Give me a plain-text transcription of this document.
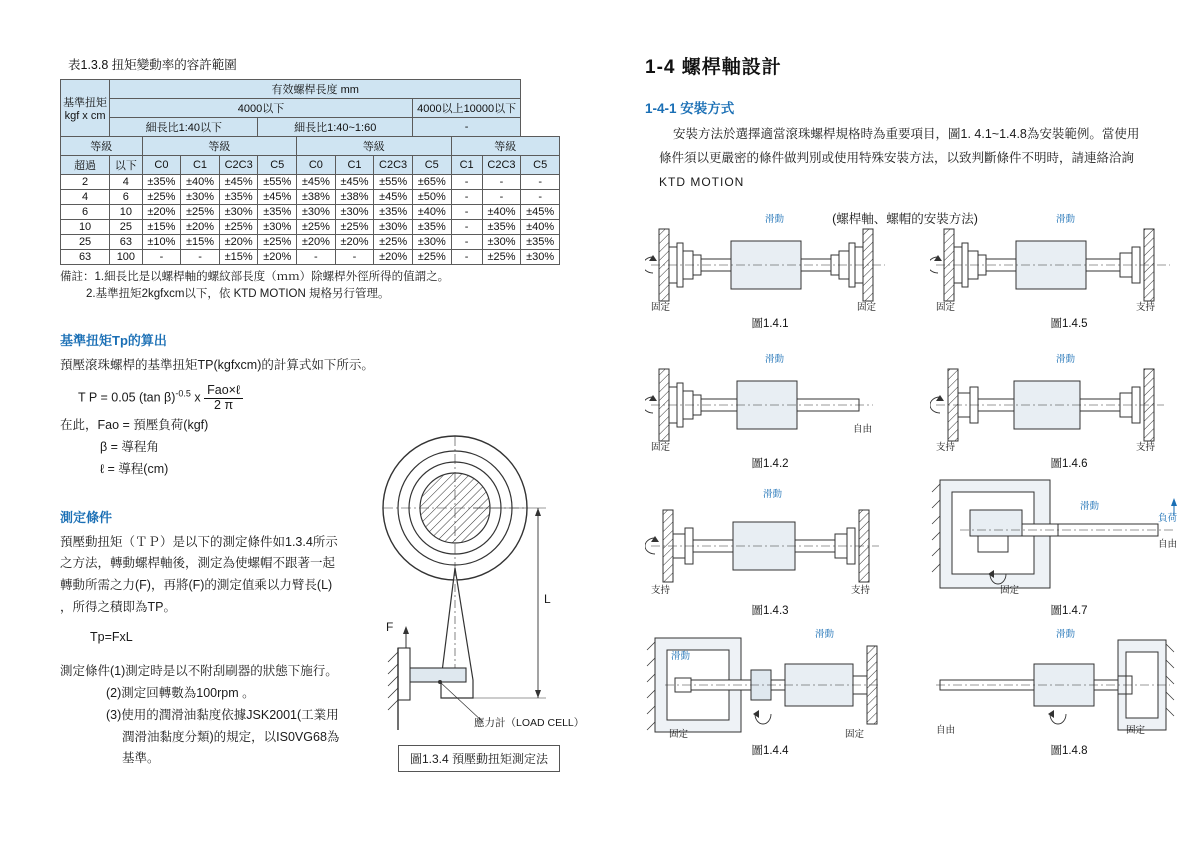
表1.3.8 扭矩變動率的容許範圍
基準扭矩
kgf x cm	有效螺桿長度 mm											
	4000以下								4000以上10000以下			
	細長比1:40以下				細長比1:40~1:60				-			
等級		等級				等級				等級		
超過	以下	C0	C1	C2C3	C5	C0	C1	C2C3	C5	C1	C2C3	C5
2	4	±35%	±40%	±45%	±55%	±45%	±45%	±55%	±65%	-	-	-
4	6	±25%	±30%	±35%	±45%	±38%	±38%	±45%	±50%	-	-	-
6	10	±20%	±25%	±30%	±35%	±30%	±30%	±35%	±40%	-	±40%	±45%
10	25	±15%	±20%	±25%	±30%	±25%	±25%	±30%	±35%	-	±35%	±40%
25	63	±10%	±15%	±20%	±25%	±20%	±20%	±25%	±30%	-	±30%	±35%
63	100	-	-	±15%	±20%	-	-	±20%	±25%	-	±25%	±30%
備註：1.細長比是以螺桿軸的螺紋部長度（ｍｍ）除螺桿外徑所得的值謂之。
2.基準扭矩2kgfxcm以下，依 KTD MOTION 規格另行管理。
基準扭矩Tp的算出
預壓滾珠螺桿的基準扭矩TP(kgfxcm)的計算式如下所示。
T P = 0.05 (tan β)$^{-0.5}$ x $\frac{\text{Fao×ℓ}}{2 \pi}$
在此，Fao = 預壓負荷(kgf)
β = 導程角
ℓ = 導程(cm)
測定條件
預壓動扭矩（ＴＰ）是以下的測定條件如1.3.4所示
之方法，轉動螺桿軸後，測定為使螺帽不跟著一起
轉動所需之力(F)，再將(F)的測定值乘以力臂長(L)
，所得之積即為TP。
Tp=FxL
測定條件(1)測定時是以不附刮刷器的狀態下施行。
(2)測定回轉數為100rpm 。
(3)使用的潤滑油黏度依據JSK2001(工業用
潤滑油黏度分類)的規定，以IS0VG68為
基準。
F
L
應力計（LOAD CELL）
圖1.3.4 預壓動扭矩測定法
1-4 螺桿軸設計
1-4-1 安裝方式
安裝方法於選擇適當滾珠螺桿規格時為重要項目，圖1. 4.1~1.4.8為安裝範例。當使用
條件須以更嚴密的條件做判別或使用特殊安裝方法，以致判斷條件不明時，請連絡洽詢
KTD MOTION
(螺桿軸、螺帽的安裝方法)
滑動
固定	固定
圖1.4.1
滑動
固定	支持
圖1.4.5
滑動
固定
自由
圖1.4.2
滑動
支持	支持
圖1.4.6
滑動
支持	支持
圖1.4.3
滑動
負荷
自由
固定
圖1.4.7
滑動
滑動
固定	固定
圖1.4.4
滑動
自由	固定
圖1.4.8
